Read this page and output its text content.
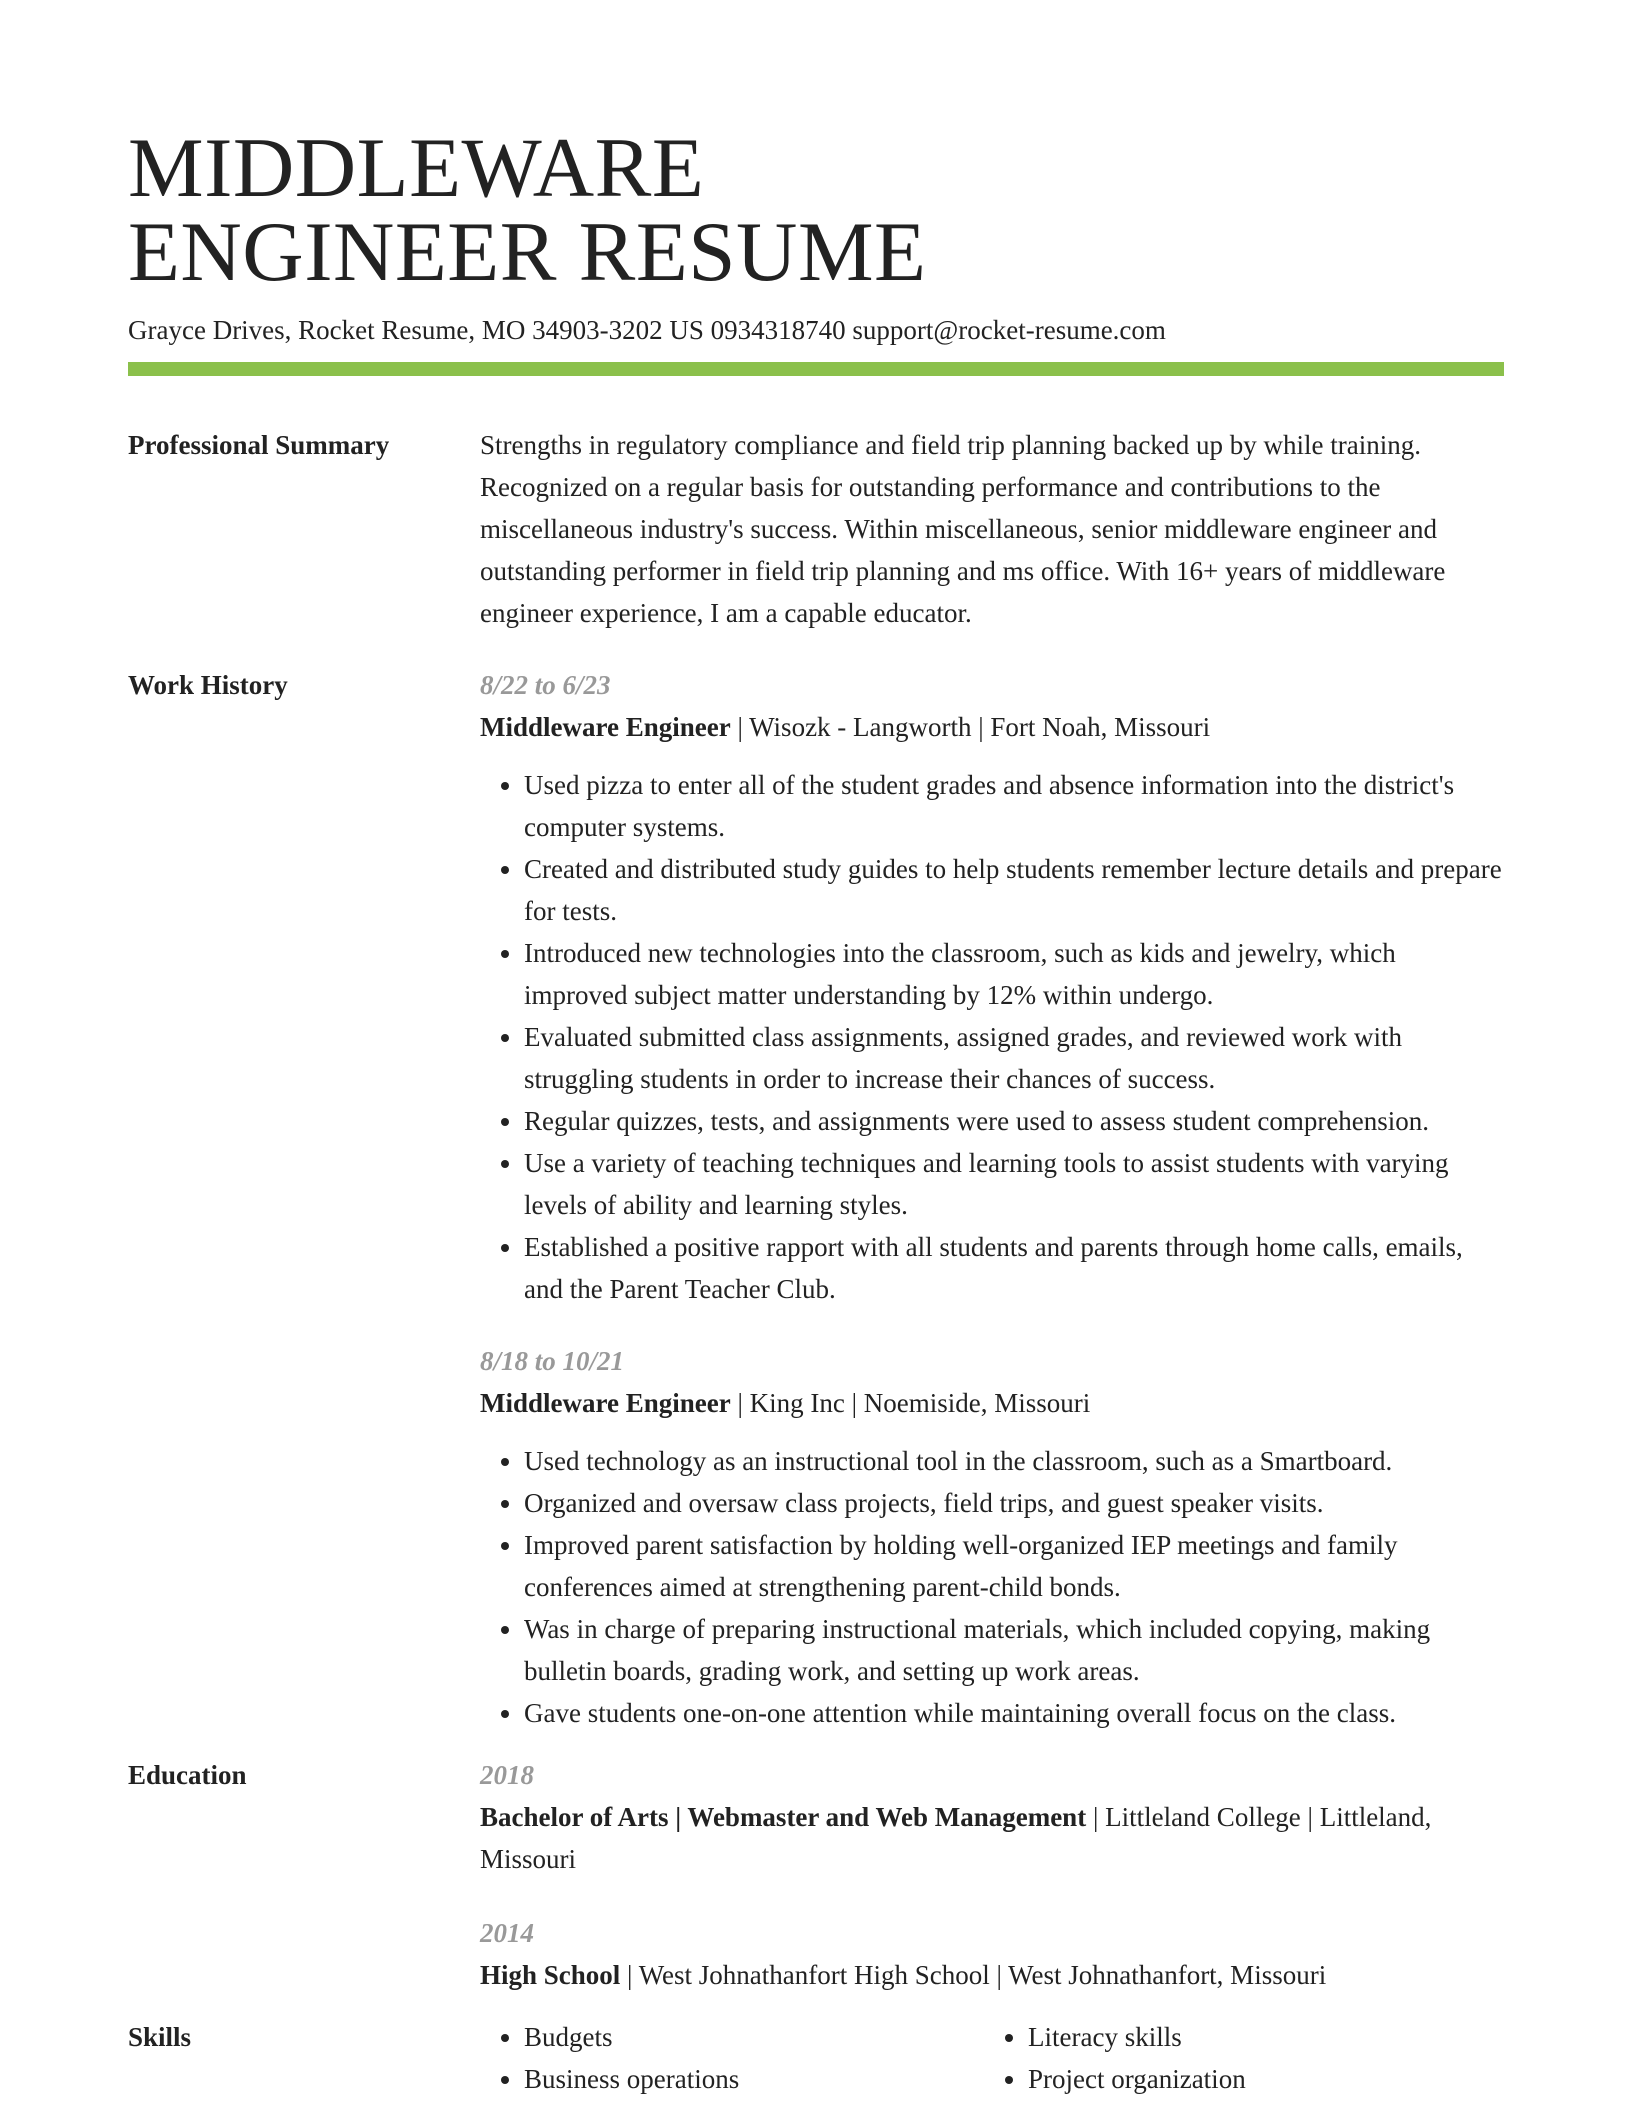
MIDDLEWARE
ENGINEER RESUME
Grayce Drives, Rocket Resume, MO 34903-3202 US 0934318740 support@rocket-resume.com
Professional Summary	Strengths in regulatory compliance and field trip planning backed up by while training. Recognized on a regular basis for outstanding performance and contributions to the miscellaneous industry's success. Within miscellaneous, senior middleware engineer and outstanding performer in field trip planning and ms office. With 16+ years of middleware engineer experience, I am a capable educator.
Work History	8/22 to 6/23
Middleware Engineer | Wisozk - Langworth | Fort Noah, Missouri
• Used pizza to enter all of the student grades and absence information into the district's computer systems.
• Created and distributed study guides to help students remember lecture details and prepare for tests.
• Introduced new technologies into the classroom, such as kids and jewelry, which improved subject matter understanding by 12% within undergo.
• Evaluated submitted class assignments, assigned grades, and reviewed work with struggling students in order to increase their chances of success.
• Regular quizzes, tests, and assignments were used to assess student comprehension.
• Use a variety of teaching techniques and learning tools to assist students with varying levels of ability and learning styles.
• Established a positive rapport with all students and parents through home calls, emails, and the Parent Teacher Club.
8/18 to 10/21
Middleware Engineer | King Inc | Noemiside, Missouri
• Used technology as an instructional tool in the classroom, such as a Smartboard.
• Organized and oversaw class projects, field trips, and guest speaker visits.
• Improved parent satisfaction by holding well-organized IEP meetings and family conferences aimed at strengthening parent-child bonds.
• Was in charge of preparing instructional materials, which included copying, making bulletin boards, grading work, and setting up work areas.
• Gave students one-on-one attention while maintaining overall focus on the class.
Education	2018
Bachelor of Arts | Webmaster and Web Management | Littleland College | Littleland, Missouri
2014
High School | West Johnathanfort High School | West Johnathanfort, Missouri
Skills
•	Budgets
• Business operations
• Literacy skills
• Project organization
